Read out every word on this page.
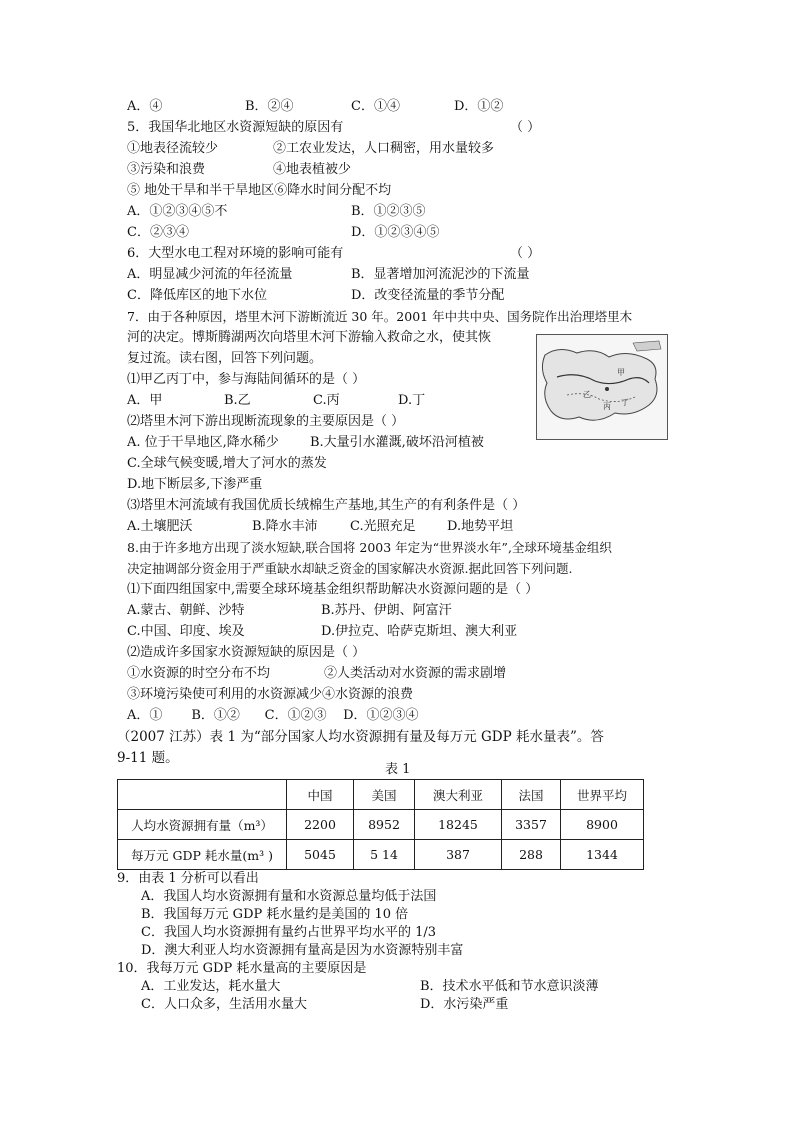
A．④	B．②④	C．①④	D．①②
5．我国华北地区水资源短缺的原因有	（ ）
①地表径流较少	②工农业发达，人口稠密，用水量较多
③污染和浪费	④地表植被少
⑤ 地处干旱和半干旱地区⑥降水时间分配不均
A．①②③④⑤不	B．①②③⑤
C．②③④	D．①②③④⑤
6．大型水电工程对环境的影响可能有	（ ）
A．明显减少河流的年径流量	B．显著增加河流泥沙的下流量
C．降低库区的地下水位	D．改变径流量的季节分配
7．由于各种原因，塔里木河下游断流近 30 年。2001 年中共中央、国务院作出治理塔里木
河的决定。博斯腾湖两次向塔里木河下游输入救命之水，使其恢
复过流。读右图，回答下列问题。
乙
甲
丁
丙
⑴甲乙丙丁中，参与海陆间循环的是（ ）
A．甲	B.乙	C.丙	D.丁
⑵塔里木河下游出现断流现象的主要原因是（ ）
A. 位于干旱地区,降水稀少 B.大量引水灌溉,破坏沿河植被
C.全球气候变暖,增大了河水的蒸发
D.地下断层多,下渗严重
⑶塔里木河流域有我国优质长绒棉生产基地,其生产的有利条件是（ ）
A.土壤肥沃	B.降水丰沛 C.光照充足 D.地势平坦
8.由于许多地方出现了淡水短缺,联合国将 2003 年定为“世界淡水年”,全球环境基金组织
决定抽调部分资金用于严重缺水却缺乏资金的国家解决水资源.据此回答下列问题.
⑴下面四组国家中,需要全球环境基金组织帮助解决水资源问题的是（ ）
A.蒙古、朝鲜、沙特	B.苏丹、伊朗、阿富汗
C.中国、印度、埃及	D.伊拉克、哈萨克斯坦、澳大利亚
⑵造成许多国家水资源短缺的原因是（ ）
①水资源的时空分布不均	②人类活动对水资源的需求剧增
③环境污染使可利用的水资源减少④水资源的浪费
A．①       B．①②      C．①②③    D．①②③④
（2007 江苏）表 1 为“部分国家人均水资源拥有量及每万元 GDP 耗水量表”。答
9-11 题。
表 1
	中国	美国	澳大利亚	法国	世界平均
人均水资源拥有量（m³）	2200	8952	18245	3357	8900
每万元 GDP 耗水量(m³ )	5045	5 14	387	288	1344
9．由表 1 分析可以看出
A．我国人均水资源拥有量和水资源总量均低于法国
B．我国每万元 GDP 耗水量约是美国的 10 倍
C．我国人均水资源拥有量约占世界平均水平的 1/3
D．澳大利亚人均水资源拥有量高是因为水资源特别丰富
10．我每万元 GDP 耗水量高的主要原因是
A．工业发达，耗水量大	B．技术水平低和节水意识淡薄
C．人口众多，生活用水量大	D．水污染严重
